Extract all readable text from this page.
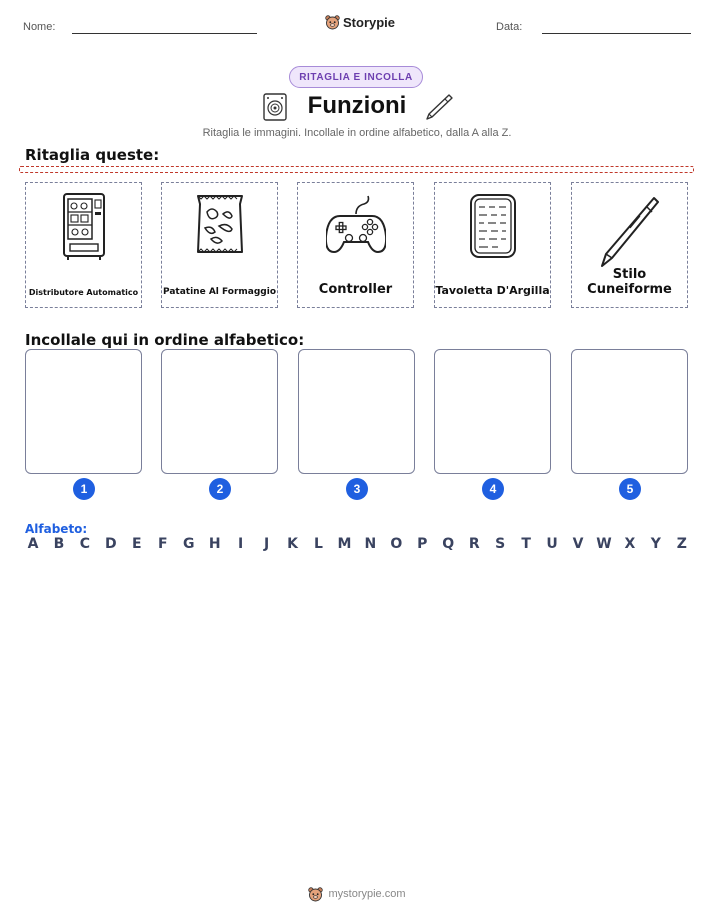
Nome:	Storypie	Data:
RITAGLIA E INCOLLA
Funzioni
Ritaglia le immagini. Incollale in ordine alfabetico, dalla A alla Z.
Ritaglia queste:
Distributore Automatico	Patatine Al Formaggio	Controller	Tavoletta D'Argilla
Stilo Cuneiforme
Incollale qui in ordine alfabetico:
1	2	3	4	5
Alfabeto:
A B C D E F G H	I	J	K L M N O P Q R S T U V W X Y Z
mystorypie.com
